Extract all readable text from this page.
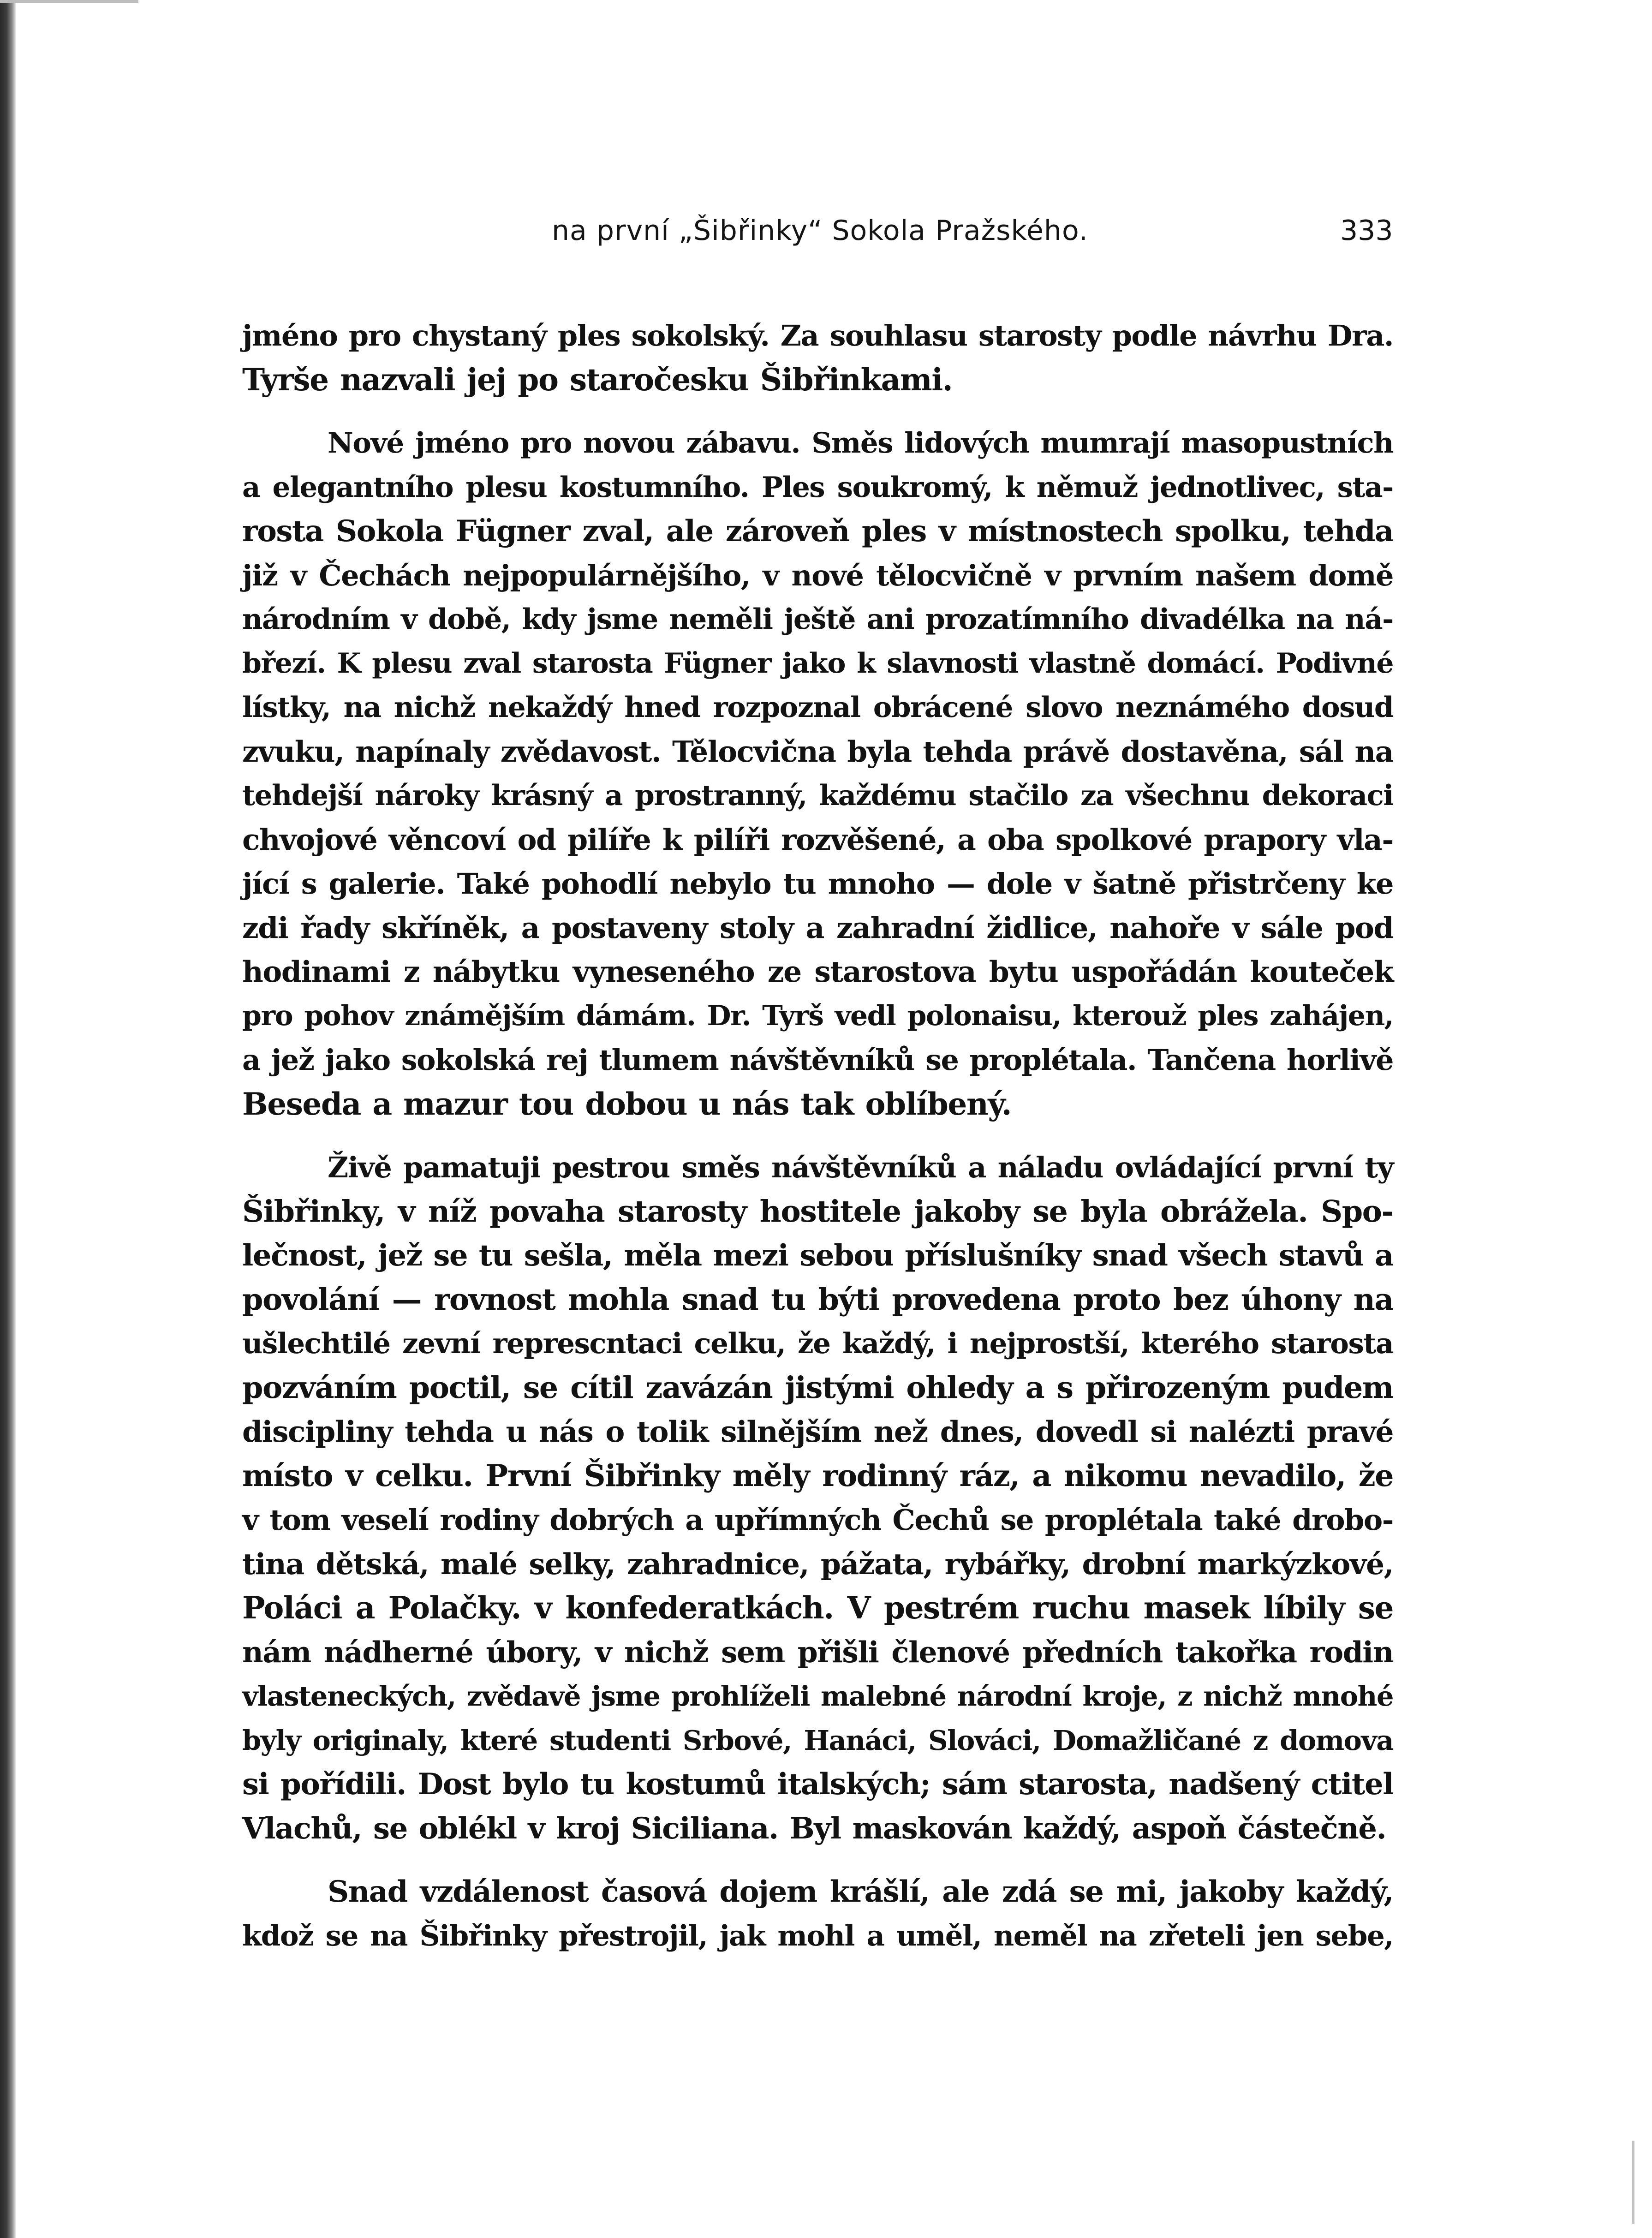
na první „Šibřinky“ Sokola Pražského.	333
jméno pro chystaný ples sokolský. Za souhlasu starosty podle návrhu Dra.
Tyrše nazvali jej po staročesku Šibřinkami.
Nové jméno pro novou zábavu. Směs lidových mumrají masopustních
a elegantního plesu kostumního. Ples soukromý, k němuž jednotlivec, sta-
rosta Sokola Fügner zval, ale zároveň ples v místnostech spolku, tehda
již v Čechách nejpopulárnějšího, v nové tělocvičně v prvním našem domě
národním v době, kdy jsme neměli ještě ani prozatímního divadélka na ná-
březí. K plesu zval starosta Fügner jako k slavnosti vlastně domácí. Podivné
lístky, na nichž nekaždý hned rozpoznal obrácené slovo neznámého dosud
zvuku, napínaly zvědavost. Tělocvična byla tehda právě dostavěna, sál na
tehdejší nároky krásný a prostranný, každému stačilo za všechnu dekoraci
chvojové věncoví od pilíře k pilíři rozvěšené, a oba spolkové prapory vla-
jící s galerie. Také pohodlí nebylo tu mnoho — dole v šatně přistrčeny ke
zdi řady skříněk, a postaveny stoly a zahradní židlice, nahoře v sále pod
hodinami z nábytku vyneseného ze starostova bytu uspořádán koutеček
pro pohov známějším dámám. Dr. Tyrš vedl polonaisu, kterouž ples zahájen,
a jež jako sokolská rej tlumem návštěvníků se proplétala. Tančena horlivě
Beseda a mazur tou dobou u nás tak oblíbený.
Živě pamatuji pestrou směs návštěvníků a náladu ovládající první ty
Šibřinky, v níž povaha starosty hostitele jakoby se byla obrážela. Spo-
lečnost, jež se tu sešla, měla mezi sebou příslušníky snad všech stavů a
povolání — rovnost mohla snad tu býti provedena proto bez úhony na
ušlechtilé zevní represcntaci celku, že každý, i nejprostší, kterého starosta
pozváním poctil, se cítil zavázán jistými ohledy a s přirozeným pudem
discipliny tehda u nás o tolik silnějším než dnes, dovedl si nalézti pravé
místo v celku. První Šibřinky měly rodinný ráz, a nikomu nevadilo, že
v tom veselí rodiny dobrých a upřímných Čechů se proplétala také drobo-
tina dětská, malé selky, zahradnice, pážata, rybářky, drobní markýzkové,
Poláci a Polačky. v konfederatkách. V pestrém ruchu masek líbily se
nám nádherné úbory, v nichž sem přišli členové předních takořka rodin
vlasteneckých, zvědavě jsme prohlíželi malebné národní kroje, z nichž mnohé
byly originaly, které studenti Srbové, Hanáci, Slováci, Domažličané z domova
si pořídili. Dost bylo tu kostumů italských; sám starosta, nadšený ctitel
Vlachů, se oblékl v kroj Siciliana. Byl maskován každý, aspoň částečně.
Snad vzdálenost časová dojem krášlí, ale zdá se mi, jakoby každý,
kdož se na Šibřinky přestrojil, jak mohl a uměl, neměl na zřeteli jen sebe,
